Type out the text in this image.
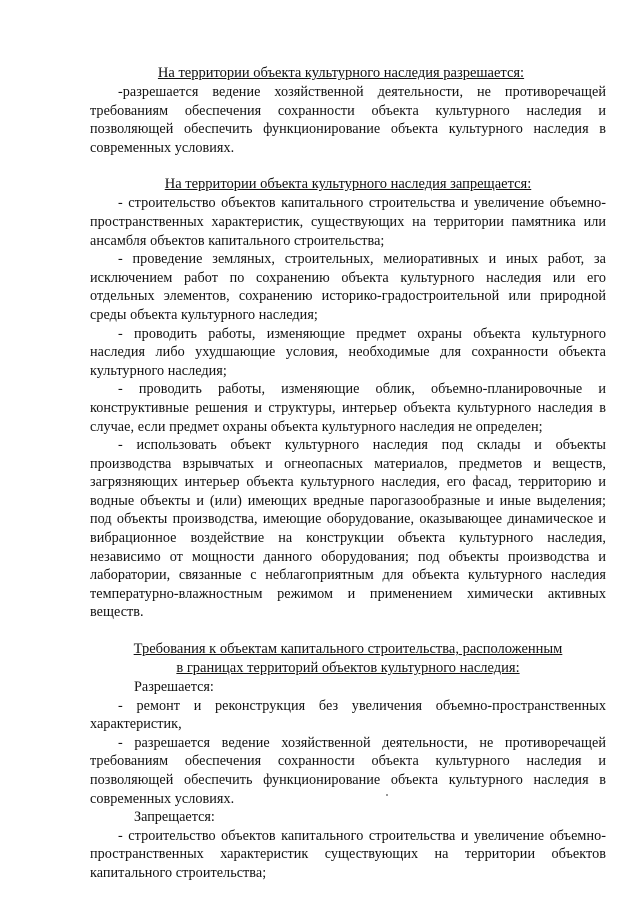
На территории объекта культурного наследия разрешается:

-разрешается ведение хозяйственной деятельности, не противоречащей требованиям обеспечения сохранности объекта культурного наследия и позволяющей обеспечить функционирование объекта культурного наследия в современных условиях.

На территории объекта культурного наследия запрещается:

- строительство объектов капитального строительства и увеличение объемно-пространственных характеристик, существующих на территории памятника или ансамбля объектов капитального строительства;

- проведение земляных, строительных, мелиоративных и иных работ, за исключением работ по сохранению объекта культурного наследия или его отдельных элементов, сохранению историко-градостроительной или природной среды объекта культурного наследия;

- проводить работы, изменяющие предмет охраны объекта культурного наследия либо ухудшающие условия, необходимые для сохранности объекта культурного наследия;

- проводить работы, изменяющие облик, объемно-планировочные и конструктивные решения и структуры, интерьер объекта культурного наследия в случае, если предмет охраны объекта культурного наследия не определен;

- использовать объект культурного наследия под склады и объекты производства взрывчатых и огнеопасных материалов, предметов и веществ, загрязняющих интерьер объекта культурного наследия, его фасад, территорию и водные объекты и (или) имеющих вредные парогазообразные и иные выделения; под объекты производства, имеющие оборудование, оказывающее динамическое и вибрационное воздействие на конструкции объекта культурного наследия, независимо от мощности данного оборудования; под объекты производства и лаборатории, связанные с неблагоприятным для объекта культурного наследия температурно-влажностным режимом и применением химически активных веществ.

Требования к объектам капитального строительства, расположенным

в границах территорий объектов культурного наследия:

Разрешается:

- ремонт и реконструкция без увеличения объемно-пространственных характеристик,

- разрешается ведение хозяйственной деятельности, не противоречащей требованиям обеспечения сохранности объекта культурного наследия и позволяющей обеспечить функционирование объекта культурного наследия в современных условиях.

Запрещается:

- строительство объектов капитального строительства и увеличение объемно-пространственных характеристик существующих на территории объектов капитального строительства;
